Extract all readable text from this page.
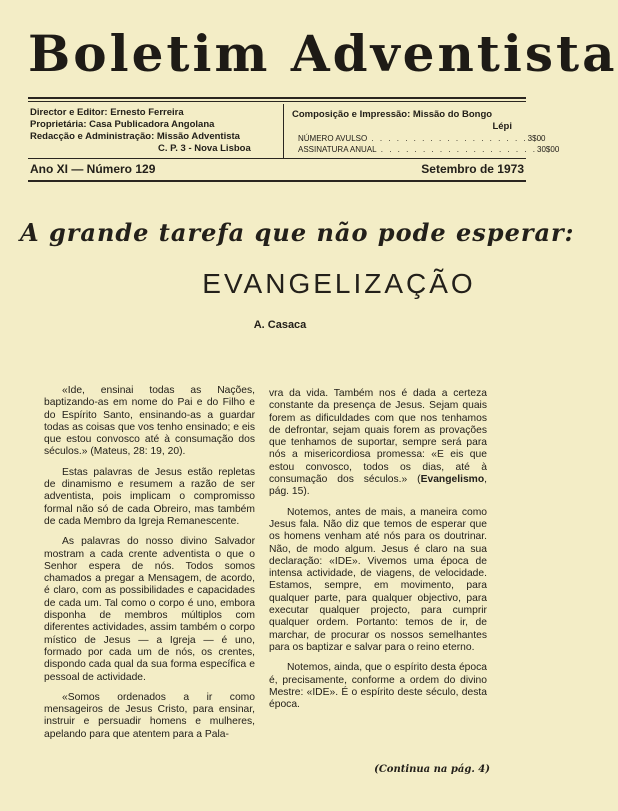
Boletim Adventista
Director e Editor: Ernesto Ferreira
Proprietária: Casa Publicadora Angolana
Redacção e Administração: Missão Adventista
C. P. 3 - Nova Lisboa
Composição e Impressão: Missão do Bongo
Lépi
NÚMERO AVULSO . . . . . . . . . . . . . . . . . . . 3$00
ASSINATURA ANUAL . . . . . . . . . . . . . . . . . . . 30$00
Ano XI — Número 129	Setembro de 1973
A grande tarefa que não pode esperar:
EVANGELIZAÇÃO
A. Casaca

«Ide, ensinai todas as Nações, baptizando-as em nome do Pai e do Filho e do Espírito Santo, ensinando-as a guardar todas as coisas que vos tenho ensinado; e eis que estou convosco até à consumação dos séculos.» (Mateus, 28: 19, 20).

Estas palavras de Jesus estão repletas de dinamismo e resumem a razão de ser adventista, pois implicam o compromisso formal não só de cada Obreiro, mas também de cada Membro da Igreja Remanescente.

As palavras do nosso divino Salvador mostram a cada crente adventista o que o Senhor espera de nós. Todos somos chamados a pregar a Mensagem, de acordo, é claro, com as possibilidades e capacidades de cada um. Tal como o corpo é uno, embora disponha de membros múltiplos com diferentes actividades, assim também o corpo místico de Jesus — a Igreja — é uno, formado por cada um de nós, os crentes, dispondo cada qual da sua forma específica e pessoal de actividade.

«Somos ordenados a ir como mensageiros de Jesus Cristo, para ensinar, instruir e persuadir homens e mulheres, apelando para que atentem para a Pala-

vra da vida. Também nos é dada a certeza constante da presença de Jesus. Sejam quais forem as dificuldades com que nos tenhamos de defrontar, sejam quais forem as provações que tenhamos de suportar, sempre será para nós a misericordiosa promessa: «E eis que estou convosco, todos os dias, até à consumação dos séculos.» (Evangelismo, pág. 15).

Notemos, antes de mais, a maneira como Jesus fala. Não diz que temos de esperar que os homens venham até nós para os doutrinar. Não, de modo algum. Jesus é claro na sua declaração: «IDE». Vivemos uma época de intensa actividade, de viagens, de velocidade. Estamos, sempre, em movimento, para qualquer parte, para qualquer objectivo, para executar qualquer projecto, para cumprir qualquer ordem. Portanto: temos de ir, de marchar, de procurar os nossos semelhantes para os baptizar e salvar para o reino eterno.

Notemos, ainda, que o espírito desta época é, precisamente, conforme a ordem do divino Mestre: «IDE». É o espírito deste século, desta época.

(Continua na pág. 4)
